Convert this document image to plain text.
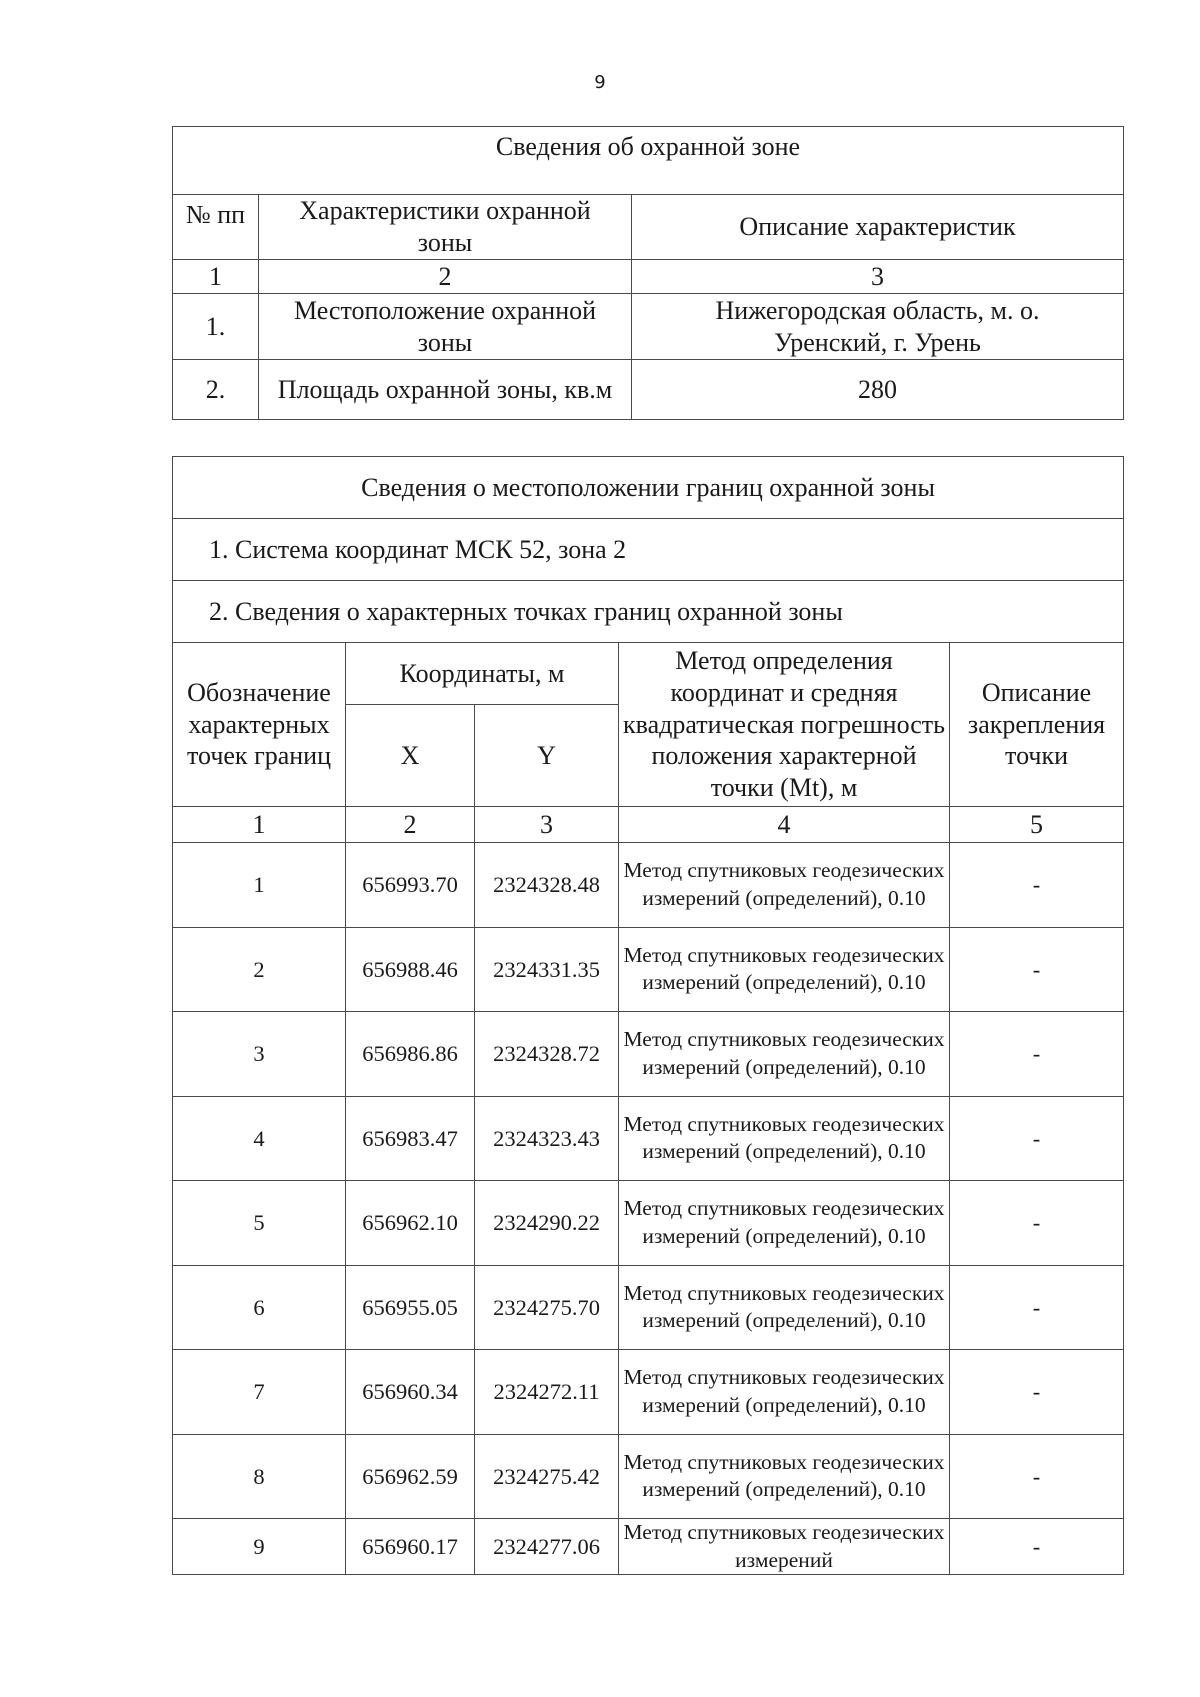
9
Сведения об охранной зоне		
№ пп	Характеристики охранной зоны	Описание характеристик
1	2	3
1.	Местоположение охранной зоны	Нижегородская область, м. о. Уренский, г. Урень
2.	Площадь охранной зоны, кв.м	280
Сведения о местоположении границ охранной зоны				
1. Система координат МСК 52, зона 2				
2. Сведения о характерных точках границ охранной зоны				
Обозначение характерных точек границ	Координаты, м		Метод определения координат и средняя квадратическая погрешность положения характерной точки (Mt), м	Описание закрепления точки
	X	Y		
1	2	3	4	5
1	656993.70	2324328.48	Метод спутниковых геодезических измерений (определений), 0.10	-
2	656988.46	2324331.35	Метод спутниковых геодезических измерений (определений), 0.10	-
3	656986.86	2324328.72	Метод спутниковых геодезических измерений (определений), 0.10	-
4	656983.47	2324323.43	Метод спутниковых геодезических измерений (определений), 0.10	-
5	656962.10	2324290.22	Метод спутниковых геодезических измерений (определений), 0.10	-
6	656955.05	2324275.70	Метод спутниковых геодезических измерений (определений), 0.10	-
7	656960.34	2324272.11	Метод спутниковых геодезических измерений (определений), 0.10	-
8	656962.59	2324275.42	Метод спутниковых геодезических измерений (определений), 0.10	-
9	656960.17	2324277.06	Метод спутниковых геодезических измерений	-
